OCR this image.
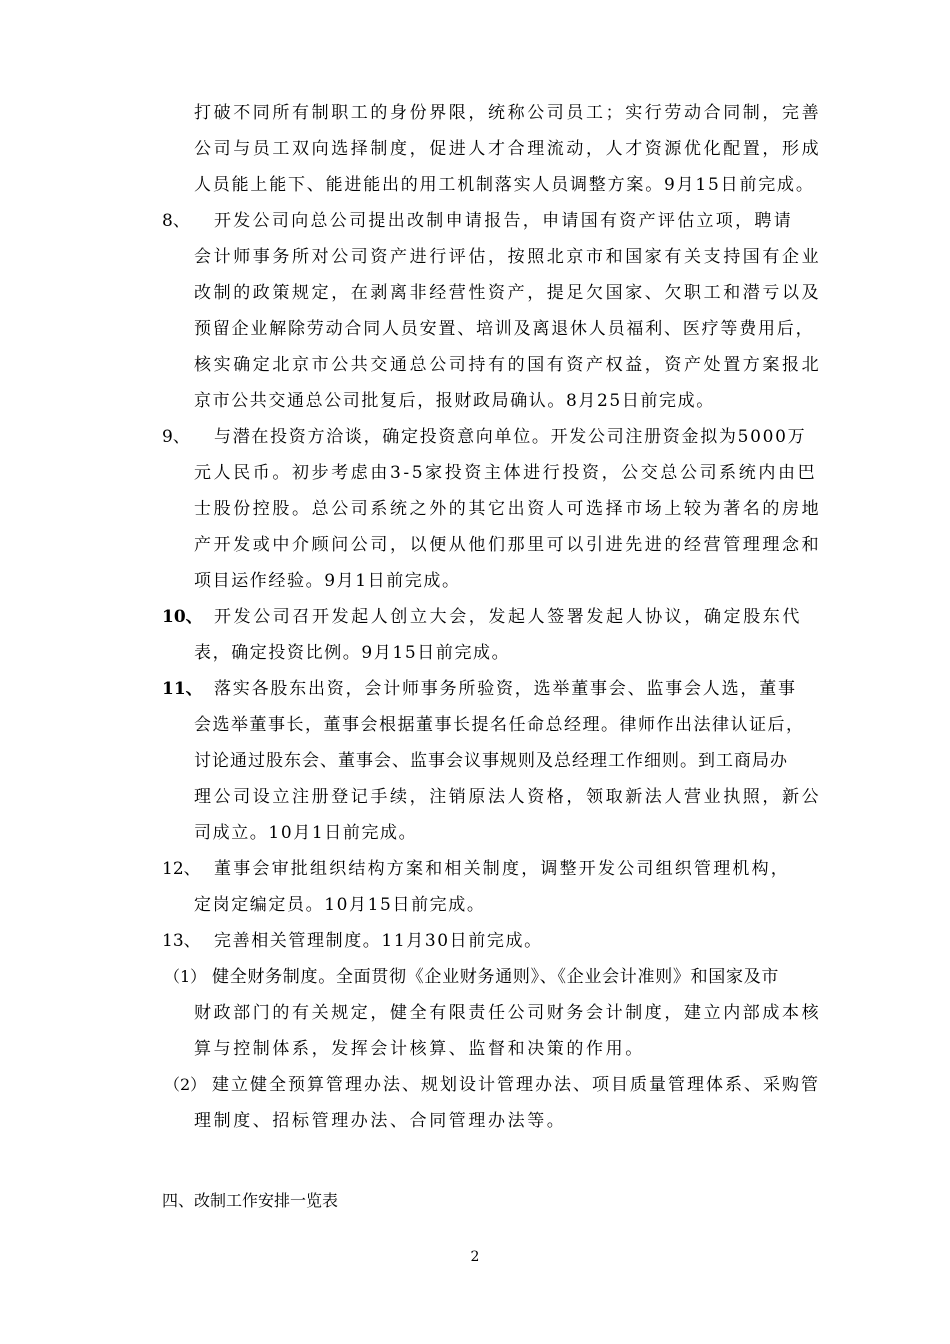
打破不同所有制职工的身份界限，统称公司员工；实行劳动合同制，完善
公司与员工双向选择制度，促进人才合理流动，人才资源优化配置，形成
人员能上能下、能进能出的用工机制落实人员调整方案。9月15日前完成。
8、 开发公司向总公司提出改制申请报告，申请国有资产评估立项，聘请
会计师事务所对公司资产进行评估，按照北京市和国家有关支持国有企业
改制的政策规定，在剥离非经营性资产，提足欠国家、欠职工和潜亏以及
预留企业解除劳动合同人员安置、培训及离退休人员福利、医疗等费用后，
核实确定北京市公共交通总公司持有的国有资产权益，资产处置方案报北
京市公共交通总公司批复后，报财政局确认。8月25日前完成。
9、 与潜在投资方洽谈，确定投资意向单位。开发公司注册资金拟为5000万
元人民币。初步考虑由3-5家投资主体进行投资，公交总公司系统内由巴
士股份控股。总公司系统之外的其它出资人可选择市场上较为著名的房地
产开发或中介顾问公司，以便从他们那里可以引进先进的经营管理理念和
项目运作经验。9月1日前完成。
10、 开发公司召开发起人创立大会，发起人签署发起人协议，确定股东代
表，确定投资比例。9月15日前完成。
11、 落实各股东出资，会计师事务所验资，选举董事会、监事会人选，董事
会选举董事长，董事会根据董事长提名任命总经理。律师作出法律认证后，
讨论通过股东会、董事会、监事会议事规则及总经理工作细则。到工商局办
理公司设立注册登记手续，注销原法人资格，领取新法人营业执照，新公
司成立。10月1日前完成。
12、 董事会审批组织结构方案和相关制度，调整开发公司组织管理机构，
定岗定编定员。10月15日前完成。
13、 完善相关管理制度。11月30日前完成。
（1） 健全财务制度。全面贯彻《企业财务通则》、《企业会计准则》和国家及市
财政部门的有关规定，健全有限责任公司财务会计制度，建立内部成本核
算与控制体系，发挥会计核算、监督和决策的作用。
（2） 建立健全预算管理办法、规划设计管理办法、项目质量管理体系、采购管
理制度、招标管理办法、合同管理办法等。
四、改制工作安排一览表
2
